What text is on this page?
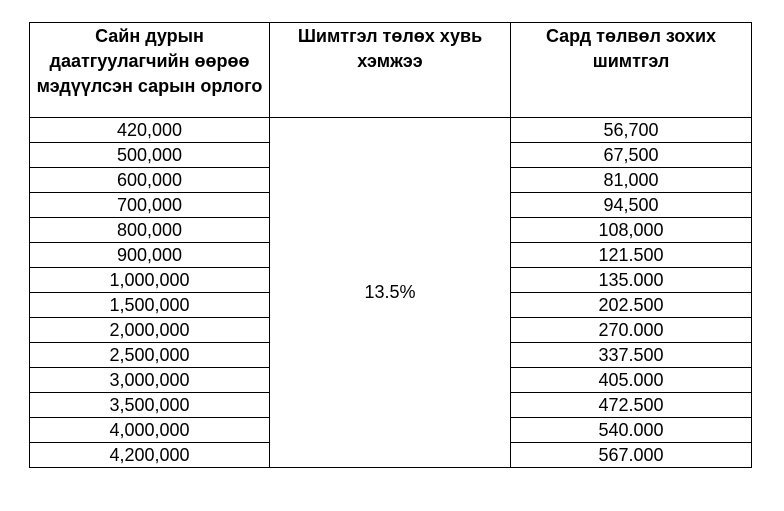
Сайн дурын даатгуулагчийн өөрөө мэдүүлсэн сарын орлого	Шимтгэл төлөх хувь хэмжээ	Сард төлвөл зохих шимтгэл
420,000	13.5%	56,700
500,000		67,500
600,000		81,000
700,000		94,500
800,000		108,000
900,000		121.500
1,000,000		135.000
1,500,000		202.500
2,000,000		270.000
2,500,000		337.500
3,000,000		405.000
3,500,000		472.500
4,000,000		540.000
4,200,000		567.000
